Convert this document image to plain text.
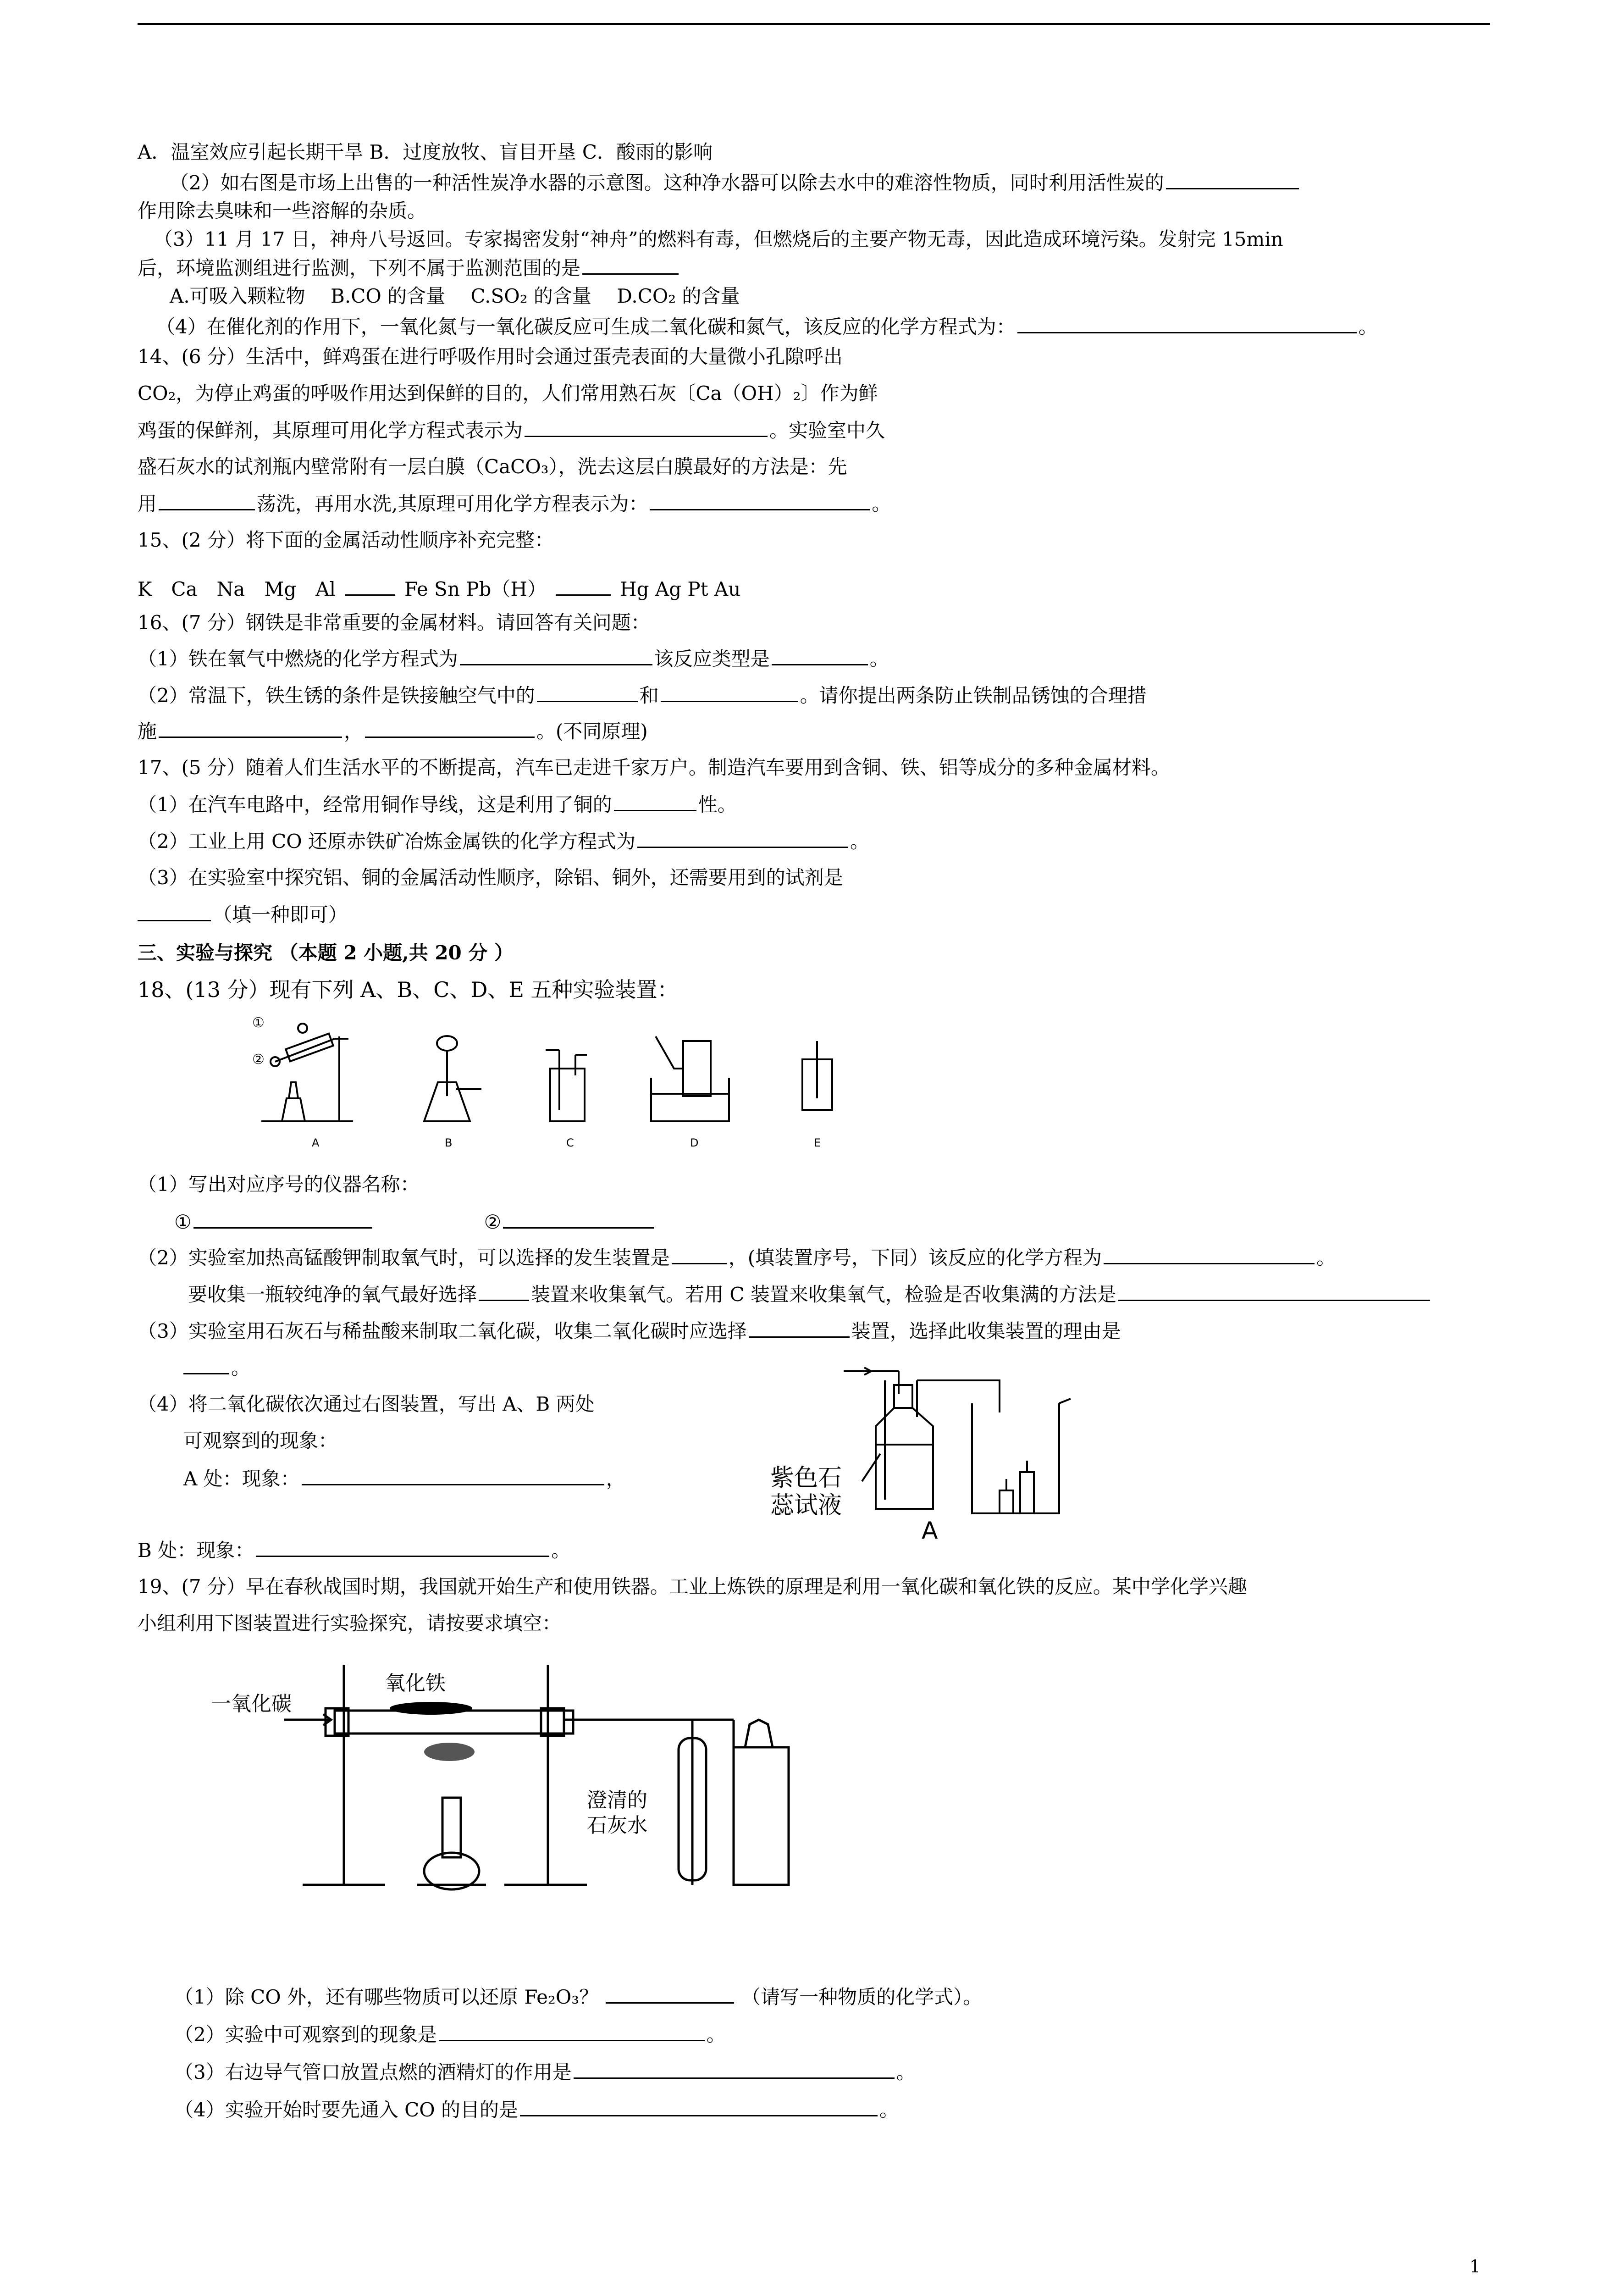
A．温室效应引起长期干旱 B．过度放牧、盲目开垦 C．酸雨的影响
（2）如右图是市场上出售的一种活性炭净水器的示意图。这种净水器可以除去水中的难溶性物质，同时利用活性炭的
作用除去臭味和一些溶解的杂质。
（3）11 月 17 日，神舟八号返回。专家揭密发射“神舟”的燃料有毒，但燃烧后的主要产物无毒，因此造成环境污染。发射完 15min
后，环境监测组进行监测，下列不属于监测范围的是
A.可吸入颗粒物　 B.CO 的含量　 C.SO₂ 的含量　 D.CO₂ 的含量
（4）在催化剂的作用下，一氧化氮与一氧化碳反应可生成二氧化碳和氮气，该反应的化学方程式为：	。
14、(6 分）生活中，鲜鸡蛋在进行呼吸作用时会通过蛋壳表面的大量微小孔隙呼出
CO₂，为停止鸡蛋的呼吸作用达到保鲜的目的，人们常用熟石灰〔Ca（OH）₂〕作为鲜
鸡蛋的保鲜剂，其原理可用化学方程式表示为	。实验室中久
盛石灰水的试剂瓶内壁常附有一层白膜（CaCO₃），洗去这层白膜最好的方法是：先
用	荡洗，再用水洗,其原理可用化学方程表示为：	。
15、(2 分）将下面的金属活动性顺序补充完整：
K　Ca　Na　Mg　Al	Fe Sn Pb（H）	Hg Ag Pt Au
16、(7 分）钢铁是非常重要的金属材料。请回答有关问题：
（1）铁在氧气中燃烧的化学方程式为	该反应类型是	。
（2）常温下，铁生锈的条件是铁接触空气中的	和	。请你提出两条防止铁制品锈蚀的合理措
施	，	。(不同原理)
17、(5 分）随着人们生活水平的不断提高，汽车已走进千家万户。制造汽车要用到含铜、铁、铝等成分的多种金属材料。
（1）在汽车电路中，经常用铜作导线，这是利用了铜的	性。
（2）工业上用 CO 还原赤铁矿冶炼金属铁的化学方程式为	。
（3）在实验室中探究铝、铜的金属活动性顺序，除铝、铜外，还需要用到的试剂是
（填一种即可）
三、实验与探究 （本题 2 小题,共 20 分 ）
18、(13 分）现有下列 A、B、C、D、E 五种实验装置：
A	B	C	D	E
①
②
（1）写出对应序号的仪器名称：
①	②
（2）实验室加热高锰酸钾制取氧气时，可以选择的发生装置是	，(填装置序号，下同）该反应的化学方程为	。
要收集一瓶较纯净的氧气最好选择	装置来收集氧气。若用 C 装置来收集氧气，检验是否收集满的方法是
（3）实验室用石灰石与稀盐酸来制取二氧化碳，收集二氧化碳时应选择	装置，选择此收集装置的理由是
。
（4）将二氧化碳依次通过右图装置，写出 A、B 两处
可观察到的现象：
A 处：现象：	，
B 处：现象：	。
紫色石
蕊试液
A
19、(7 分）早在春秋战国时期，我国就开始生产和使用铁器。工业上炼铁的原理是利用一氧化碳和氧化铁的反应。某中学化学兴趣
小组利用下图装置进行实验探究，请按要求填空：
一氧化碳
氧化铁
澄清的
石灰水
（1）除 CO 外，还有哪些物质可以还原 Fe₂O₃？	（请写一种物质的化学式）。
（2）实验中可观察到的现象是	。
（3）右边导气管口放置点燃的酒精灯的作用是	。
（4）实验开始时要先通入 CO 的目的是	。
1
